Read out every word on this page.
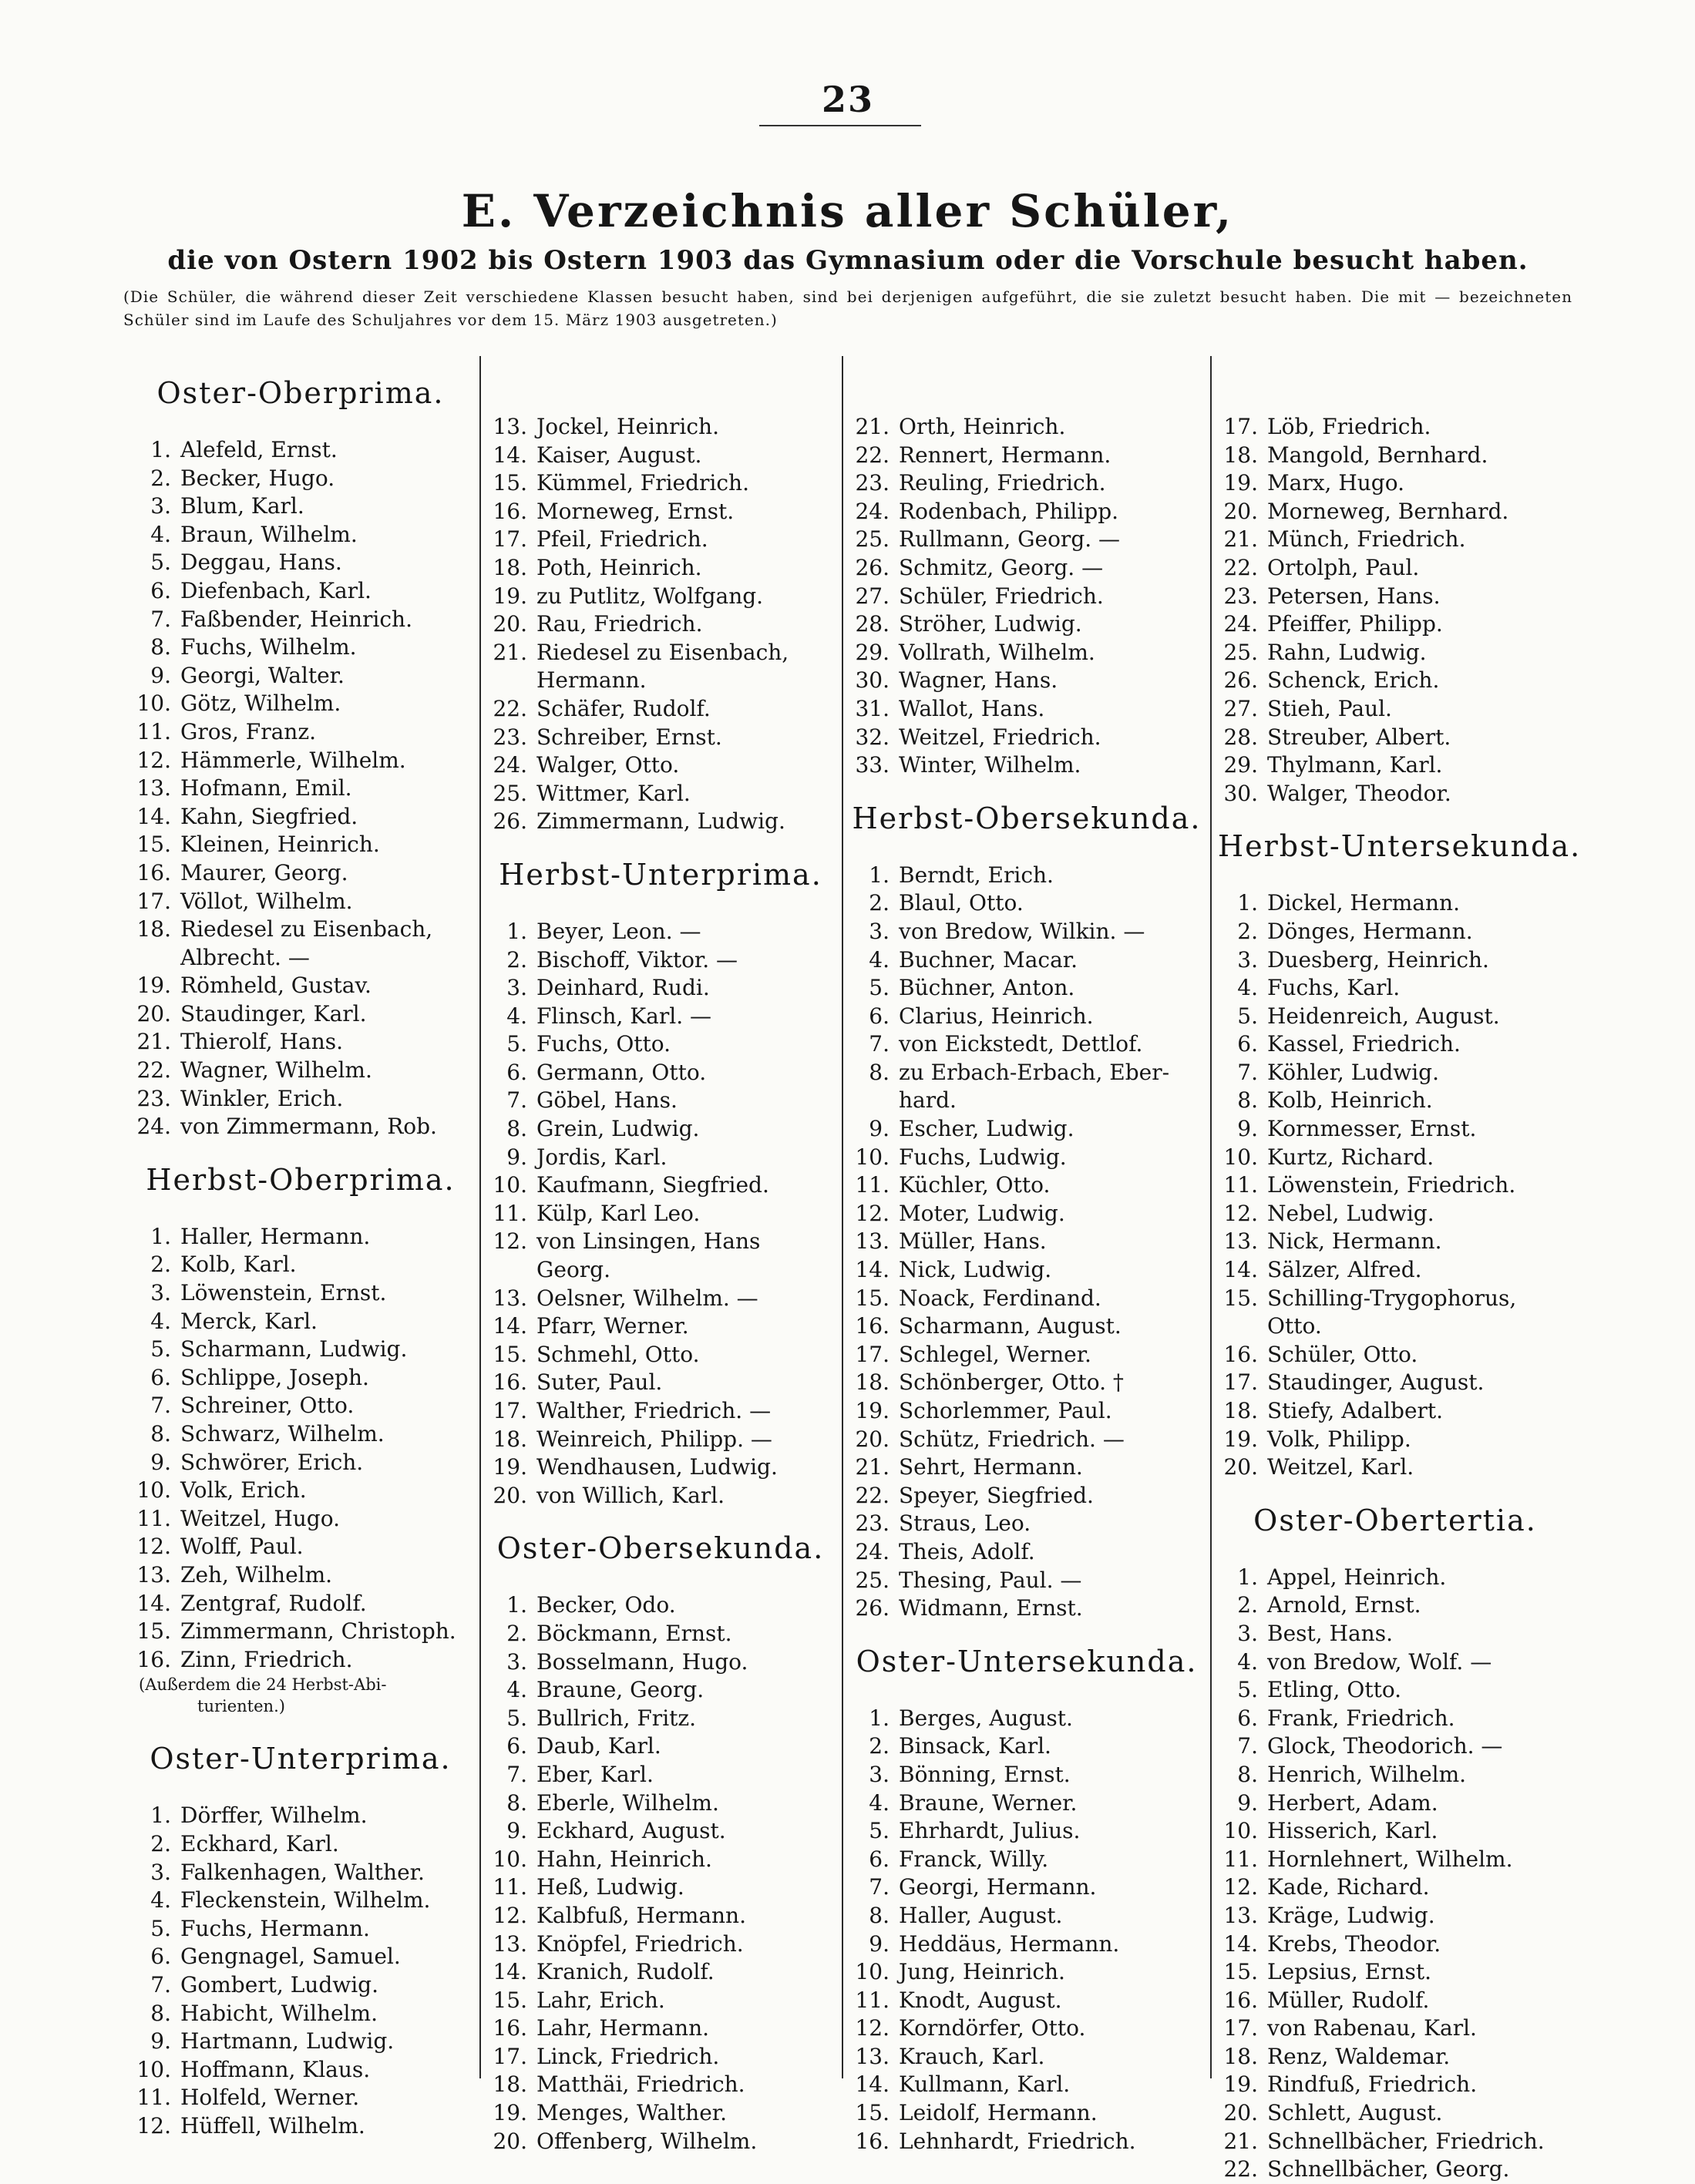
23
E. Verzeichnis aller Schüler,
die von Ostern 1902 bis Ostern 1903 das Gymnasium oder die Vorschule besucht haben.
(Die Schüler, die während dieser Zeit verschiedene Klassen besucht haben, sind bei derjenigen aufgeführt, die sie zuletzt besucht haben. Die mit — bezeichneten Schüler sind im Laufe des Schuljahres vor dem 15. März 1903 ausgetreten.)
Oster-Oberprima.
1. Alefeld, Ernst.
2. Becker, Hugo.
3. Blum, Karl.
4. Braun, Wilhelm.
5. Deggau, Hans.
6. Diefenbach, Karl.
7. Faßbender, Heinrich.
8. Fuchs, Wilhelm.
9. Georgi, Walter.
10. Götz, Wilhelm.
11. Gros, Franz.
12. Hämmerle, Wilhelm.
13. Hofmann, Emil.
14. Kahn, Siegfried.
15. Kleinen, Heinrich.
16. Maurer, Georg.
17. Völlot, Wilhelm.
18. Riedesel zu Eisenbach,
Albrecht. —
19. Römheld, Gustav.
20. Staudinger, Karl.
21. Thierolf, Hans.
22. Wagner, Wilhelm.
23. Winkler, Erich.
24. von Zimmermann, Rob.
Herbst-Oberprima.
1. Haller, Hermann.
2. Kolb, Karl.
3. Löwenstein, Ernst.
4. Merck, Karl.
5. Scharmann, Ludwig.
6. Schlippe, Joseph.
7. Schreiner, Otto.
8. Schwarz, Wilhelm.
9. Schwörer, Erich.
10. Volk, Erich.
11. Weitzel, Hugo.
12. Wolff, Paul.
13. Zeh, Wilhelm.
14. Zentgraf, Rudolf.
15. Zimmermann, Christoph.
16. Zinn, Friedrich.
(Außerdem die 24 Herbst-Abi-
turienten.)
Oster-Unterprima.
1. Dörffer, Wilhelm.
2. Eckhard, Karl.
3. Falkenhagen, Walther.
4. Fleckenstein, Wilhelm.
5. Fuchs, Hermann.
6. Gengnagel, Samuel.
7. Gombert, Ludwig.
8. Habicht, Wilhelm.
9. Hartmann, Ludwig.
10. Hoffmann, Klaus.
11. Holfeld, Werner.
12. Hüffell, Wilhelm.
13. Jockel, Heinrich.
14. Kaiser, August.
15. Kümmel, Friedrich.
16. Morneweg, Ernst.
17. Pfeil, Friedrich.
18. Poth, Heinrich.
19. zu Putlitz, Wolfgang.
20. Rau, Friedrich.
21. Riedesel zu Eisenbach,
Hermann.
22. Schäfer, Rudolf.
23. Schreiber, Ernst.
24. Walger, Otto.
25. Wittmer, Karl.
26. Zimmermann, Ludwig.
Herbst-Unterprima.
1. Beyer, Leon. —
2. Bischoff, Viktor. —
3. Deinhard, Rudi.
4. Flinsch, Karl. —
5. Fuchs, Otto.
6. Germann, Otto.
7. Göbel, Hans.
8. Grein, Ludwig.
9. Jordis, Karl.
10. Kaufmann, Siegfried.
11. Külp, Karl Leo.
12. von Linsingen, Hans
Georg.
13. Oelsner, Wilhelm. —
14. Pfarr, Werner.
15. Schmehl, Otto.
16. Suter, Paul.
17. Walther, Friedrich. —
18. Weinreich, Philipp. —
19. Wendhausen, Ludwig.
20. von Willich, Karl.
Oster-Obersekunda.
1. Becker, Odo.
2. Böckmann, Ernst.
3. Bosselmann, Hugo.
4. Braune, Georg.
5. Bullrich, Fritz.
6. Daub, Karl.
7. Eber, Karl.
8. Eberle, Wilhelm.
9. Eckhard, August.
10. Hahn, Heinrich.
11. Heß, Ludwig.
12. Kalbfuß, Hermann.
13. Knöpfel, Friedrich.
14. Kranich, Rudolf.
15. Lahr, Erich.
16. Lahr, Hermann.
17. Linck, Friedrich.
18. Matthäi, Friedrich.
19. Menges, Walther.
20. Offenberg, Wilhelm.
21. Orth, Heinrich.
22. Rennert, Hermann.
23. Reuling, Friedrich.
24. Rodenbach, Philipp.
25. Rullmann, Georg. —
26. Schmitz, Georg. —
27. Schüler, Friedrich.
28. Ströher, Ludwig.
29. Vollrath, Wilhelm.
30. Wagner, Hans.
31. Wallot, Hans.
32. Weitzel, Friedrich.
33. Winter, Wilhelm.
Herbst-Obersekunda.
1. Berndt, Erich.
2. Blaul, Otto.
3. von Bredow, Wilkin. —
4. Buchner, Macar.
5. Büchner, Anton.
6. Clarius, Heinrich.
7. von Eickstedt, Dettlof.
8. zu Erbach-Erbach, Eber-
hard.
9. Escher, Ludwig.
10. Fuchs, Ludwig.
11. Küchler, Otto.
12. Moter, Ludwig.
13. Müller, Hans.
14. Nick, Ludwig.
15. Noack, Ferdinand.
16. Scharmann, August.
17. Schlegel, Werner.
18. Schönberger, Otto. †
19. Schorlemmer, Paul.
20. Schütz, Friedrich. —
21. Sehrt, Hermann.
22. Speyer, Siegfried.
23. Straus, Leo.
24. Theis, Adolf.
25. Thesing, Paul. —
26. Widmann, Ernst.
Oster-Untersekunda.
1. Berges, August.
2. Binsack, Karl.
3. Bönning, Ernst.
4. Braune, Werner.
5. Ehrhardt, Julius.
6. Franck, Willy.
7. Georgi, Hermann.
8. Haller, August.
9. Heddäus, Hermann.
10. Jung, Heinrich.
11. Knodt, August.
12. Korndörfer, Otto.
13. Krauch, Karl.
14. Kullmann, Karl.
15. Leidolf, Hermann.
16. Lehnhardt, Friedrich.
17. Löb, Friedrich.
18. Mangold, Bernhard.
19. Marx, Hugo.
20. Morneweg, Bernhard.
21. Münch, Friedrich.
22. Ortolph, Paul.
23. Petersen, Hans.
24. Pfeiffer, Philipp.
25. Rahn, Ludwig.
26. Schenck, Erich.
27. Stieh, Paul.
28. Streuber, Albert.
29. Thylmann, Karl.
30. Walger, Theodor.
Herbst-Untersekunda.
1. Dickel, Hermann.
2. Dönges, Hermann.
3. Duesberg, Heinrich.
4. Fuchs, Karl.
5. Heidenreich, August.
6. Kassel, Friedrich.
7. Köhler, Ludwig.
8. Kolb, Heinrich.
9. Kornmesser, Ernst.
10. Kurtz, Richard.
11. Löwenstein, Friedrich.
12. Nebel, Ludwig.
13. Nick, Hermann.
14. Sälzer, Alfred.
15. Schilling-Trygophorus,
Otto.
16. Schüler, Otto.
17. Staudinger, August.
18. Stiefy, Adalbert.
19. Volk, Philipp.
20. Weitzel, Karl.
Oster-Obertertia.
1. Appel, Heinrich.
2. Arnold, Ernst.
3. Best, Hans.
4. von Bredow, Wolf. —
5. Etling, Otto.
6. Frank, Friedrich.
7. Glock, Theodorich. —
8. Henrich, Wilhelm.
9. Herbert, Adam.
10. Hisserich, Karl.
11. Hornlehnert, Wilhelm.
12. Kade, Richard.
13. Kräge, Ludwig.
14. Krebs, Theodor.
15. Lepsius, Ernst.
16. Müller, Rudolf.
17. von Rabenau, Karl.
18. Renz, Waldemar.
19. Rindfuß, Friedrich.
20. Schlett, August.
21. Schnellbächer, Friedrich.
22. Schnellbächer, Georg.
